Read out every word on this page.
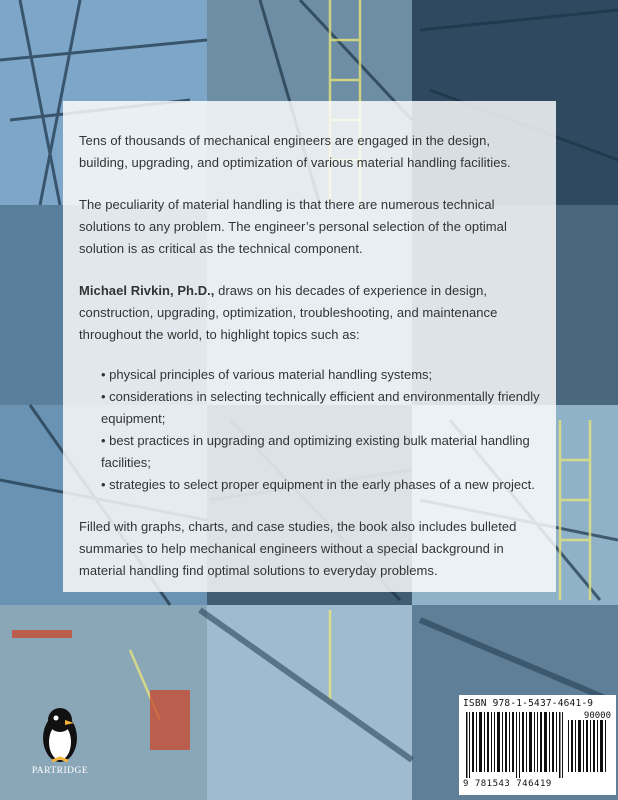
Tens of thousands of mechanical engineers are engaged in the design, building, upgrading, and optimization of various material handling facilities.

The peculiarity of material handling is that there are numerous technical solutions to any problem. The engineer’s personal selection of the optimal solution is as critical as the technical component.

Michael Rivkin, Ph.D., draws on his decades of experience in design, construction, upgrading, optimization, troubleshooting, and maintenance throughout the world, to highlight topics such as:

• physical principles of various material handling systems;
• considerations in selecting technically efficient and environmentally friendly equipment;
• best practices in upgrading and optimizing existing bulk material handling facilities;
• strategies to select proper equipment in the early phases of a new project.

Filled with graphs, charts, and case studies, the book also includes bulleted summaries to help mechanical engineers without a special background in material handling find optimal solutions to everyday problems.

PARTRIDGE
ISBN 978-1-5437-4641-9
90000
9 781543 746419
